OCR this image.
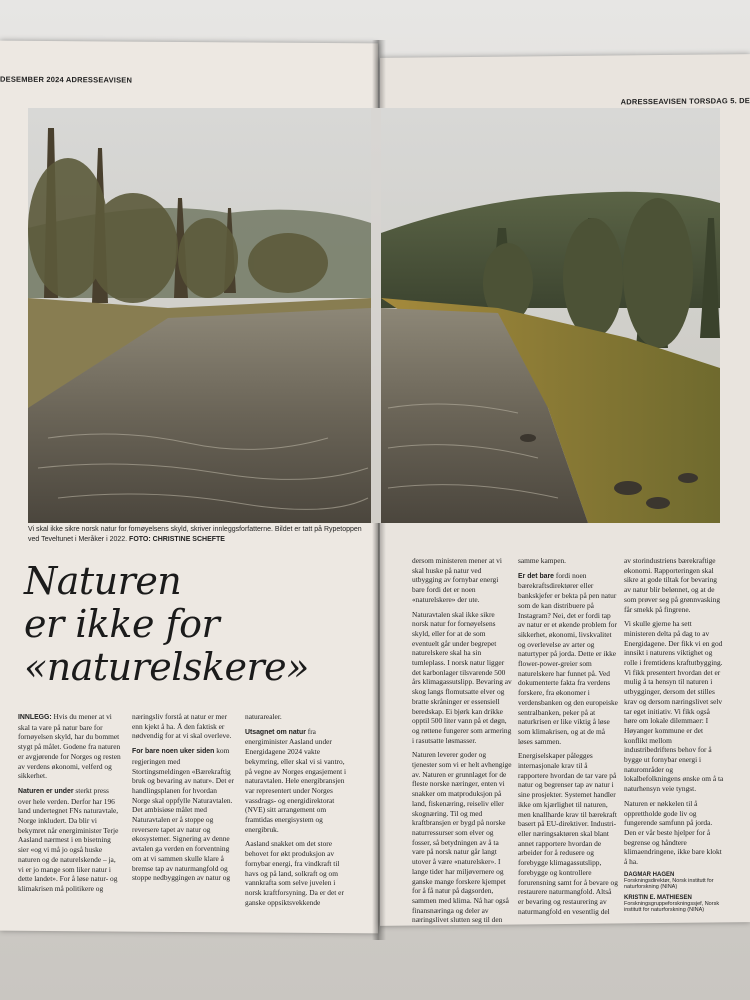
DESEMBER 2024 ADRESSEAVISEN
ADRESSEAVISEN TORSDAG 5. DE
Vi skal ikke sikre norsk natur for fornøyelsens skyld, skriver innleggsforfatterne. Bildet er tatt på Rypetoppen ved Teveltunet i Meråker i 2022. FOTO: CHRISTINE SCHEFTE
Naturen
er ikke for
«naturelskere»

INNLEGG: Hvis du mener at vi skal ta vare på natur bare for fornøyelsen skyld, har du bommet stygt på målet. Godene fra naturen er avgjørende for Norges og resten av verdens økonomi, velferd og sikkerhet.

Naturen er under sterkt press over hele verden. Derfor har 196 land undertegnet FNs naturavtale, Norge inkludert. Da blir vi bekymret når energiminister Terje Aasland nærmest i en bisetning sier «og vi må jo også huske naturen og de naturelskende – ja, vi er jo mange som liker natur i dette landet». For å løse natur- og klimakrisen må politikere og

næringsliv forstå at natur er mer enn kjekt å ha. Å den faktisk er nødvendig for at vi skal overleve.

For bare noen uker siden kom regjeringen med Stortingsmeldingen «Bærekraftig bruk og bevaring av natur». Det er handlingsplanen for hvordan Norge skal oppfylle Naturavtalen. Det ambisiøse målet med Naturavtalen er å stoppe og reversere tapet av natur og økosystemer. Signering av denne avtalen ga verden en forventning om at vi sammen skulle klare å bremse tap av naturmangfold og stoppe nedbyggingen av natur og

naturarealer.

Utsagnet om natur fra energiminister Aasland under Energidagene 2024 vakte bekymring, eller skal vi si vantro, på vegne av Norges engasjement i naturavtalen. Hele energibransjen var representert under Norges vassdrags- og energidirektorat (NVE) sitt arrangement om framtidas energisystem og energibruk.

Aasland snakket om det store behovet for økt produksjon av fornybar energi, fra vindkraft til havs og på land, solkraft og om vannkrafta som selve juvelen i norsk kraftforsyning. Da er det er ganske oppsiktsvekkende

dersom ministeren mener at vi skal huske på natur ved utbygging av fornybar energi bare fordi det er noen «naturelskere» der ute.

Naturavtalen skal ikke sikre norsk natur for fornøyelsens skyld, eller for at de som eventuelt går under begrepet naturelskere skal ha sin tumleplass. I norsk natur ligger det karbonlager tilsvarende 500 års klimagassutslipp. Bevaring av skog langs flomutsatte elver og bratte skråninger er essensiell beredskap. Ei bjørk kan drikke opptil 500 liter vann på et døgn, og røttene fungerer som armering i rasutsatte løsmasser.

Naturen leverer goder og tjenester som vi er helt avhengige av. Naturen er grunnlaget for de fleste norske næringer, enten vi snakker om matproduksjon på land, fiskenæring, reiseliv eller skognæring. Til og med kraftbransjen er bygd på norske naturressurser som elver og fosser, så betydningen av å ta vare på norsk natur går langt utover å være «naturelsker». I lange tider har miljøvernere og ganske mange forskere kjempet for å få natur på dagsorden, sammen med klima. Nå har også finansnæringa og deler av næringslivet slutten seg til den

samme kampen.

Er det bare fordi noen bærekraftsdirektører eller bankskjefer er bekta på pen natur som de kan distribuere på Instagram? Nei, det er fordi tap av natur er et økende problem for sikkerhet, økonomi, livskvalitet og overlevelse av arter og naturtyper på jorda. Dette er ikke flower-power-greier som naturelskere har funnet på. Ved dokumenterte fakta fra verdens forskere, fra økonomer i verdensbanken og den europeiske sentralbanken, peker på at naturkrisen er like viktig å løse som klimakrisen, og at de må løses sammen.

Energiselskaper pålegges internasjonale krav til å rapportere hvordan de tar vare på natur og begrenser tap av natur i sine prosjekter. Systemet handler ikke om kjærlighet til naturen, men knallharde krav til bærekraft basert på EU-direktiver. Industri- eller næringsaktøren skal blant annet rapportere hvordan de arbeider for å redusere og forebygge klimagassutslipp, forebygge og kontrollere forurensning samt for å bevare og restaurere naturmangfold. Altså er bevaring og restaurering av naturmangfold en vesentlig del

av storindustriens bærekraftige økonomi. Rapporteringen skal sikre at gode tiltak for bevaring av natur blir belønnet, og at de som prøver seg på grønnvasking får smekk på fingrene.

Vi skulle gjerne ha sett ministeren delta på dag to av Energidagene. Der fikk vi en god innsikt i naturens viktighet og rolle i fremtidens kraftutbygging. Vi fikk presentert hvordan det er mulig å ta hensyn til naturen i utbygginger, dersom det stilles krav og dersom næringslivet selv tar eget initiativ. Vi fikk også høre om lokale dilemmaer: I Høyanger kommune er det konflikt mellom industribedriftens behov for å bygge ut fornybar energi i naturområder og lokalbefolkningens ønske om å ta naturhensyn veie tyngst.

Naturen er nøkkelen til å opprettholde gode liv og fungerende samfunn på jorda. Den er vår beste hjelper for å begrense og håndtere klimaendringene, ikke bare klokt å ha.

DAGMAR HAGEN
Forskningsdirektør, Norsk institutt for naturforskning (NINA)
KRISTIN E. MATHIESEN
Forskningsgruppeforskningssjef, Norsk institutt for naturforskning (NINA)
